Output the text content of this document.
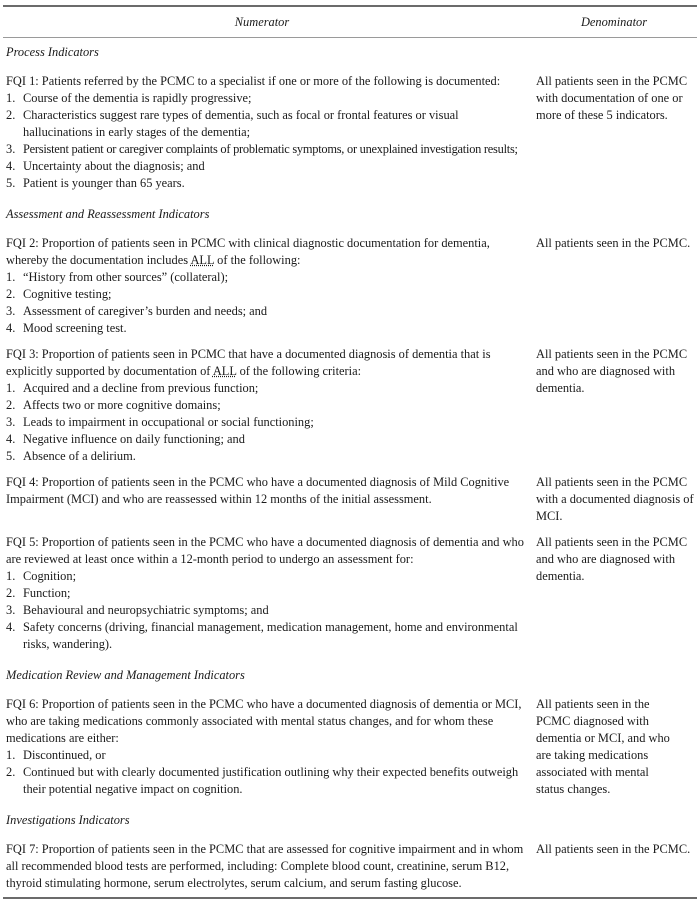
Numerator	Denominator
Process Indicators
FQI 1: Patients referred by the PCMC to a specialist if one or more of the following is documented:
1. Course of the dementia is rapidly progressive;
2. Characteristics suggest rare types of dementia, such as focal or frontal features or visual hallucinations in early stages of the dementia;
3. Persistent patient or caregiver complaints of problematic symptoms, or unexplained investigation results;
4. Uncertainty about the diagnosis; and
5. Patient is younger than 65 years.
All patients seen in the PCMC with documentation of one or more of these 5 indicators.
Assessment and Reassessment Indicators
FQI 2: Proportion of patients seen in PCMC with clinical diagnostic documentation for dementia, whereby the documentation includes ALL of the following:
1. “History from other sources” (collateral);
2. Cognitive testing;
3. Assessment of caregiver’s burden and needs; and
4. Mood screening test.
All patients seen in the PCMC.
FQI 3: Proportion of patients seen in PCMC that have a documented diagnosis of dementia that is explicitly supported by documentation of ALL of the following criteria:
1. Acquired and a decline from previous function;
2. Affects two or more cognitive domains;
3. Leads to impairment in occupational or social functioning;
4. Negative influence on daily functioning; and
5. Absence of a delirium.
All patients seen in the PCMC and who are diagnosed with dementia.
FQI 4: Proportion of patients seen in the PCMC who have a documented diagnosis of Mild Cognitive Impairment (MCI) and who are reassessed within 12 months of the initial assessment.
All patients seen in the PCMC with a documented diagnosis of MCI.
FQI 5: Proportion of patients seen in the PCMC who have a documented diagnosis of dementia and who are reviewed at least once within a 12-month period to undergo an assessment for:
1. Cognition;
2. Function;
3. Behavioural and neuropsychiatric symptoms; and
4. Safety concerns (driving, financial management, medication management, home and environmental risks, wandering).
All patients seen in the PCMC and who are diagnosed with dementia.
Medication Review and Management Indicators
FQI 6: Proportion of patients seen in the PCMC who have a documented diagnosis of dementia or MCI, who are taking medications commonly associated with mental status changes, and for whom these medications are either:
1. Discontinued, or
2. Continued but with clearly documented justification outlining why their expected benefits outweigh their potential negative impact on cognition.
All patients seen in the PCMC diagnosed with dementia or MCI, and who are taking medications associated with mental status changes.
Investigations Indicators
FQI 7: Proportion of patients seen in the PCMC that are assessed for cognitive impairment and in whom all recommended blood tests are performed, including: Complete blood count, creatinine, serum B12, thyroid stimulating hormone, serum electrolytes, serum calcium, and serum fasting glucose.
All patients seen in the PCMC.
